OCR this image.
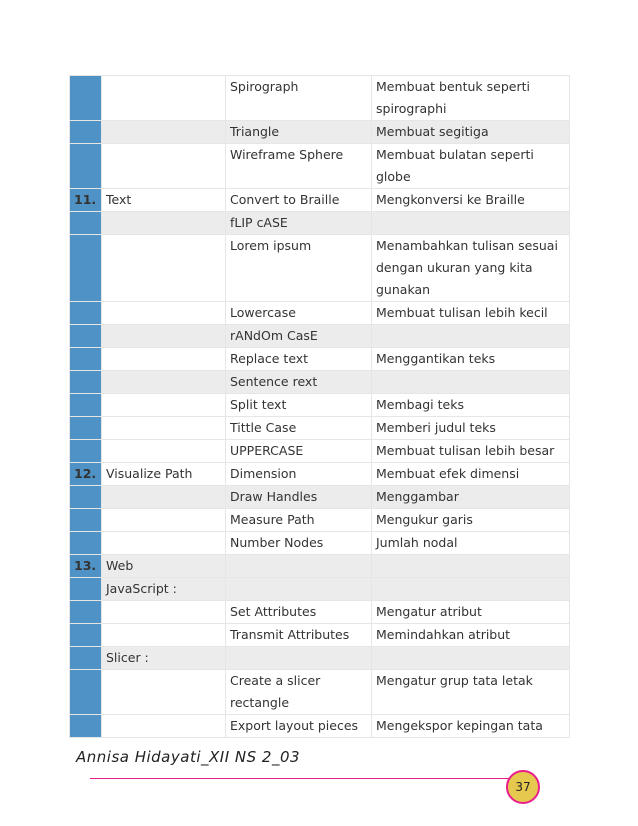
		Spirograph	Membuat bentuk seperti spirographi
		Triangle	Membuat segitiga
		Wireframe Sphere	Membuat bulatan seperti globe
11.	Text	Convert to Braille	Mengkonversi ke Braille
		fLIP cASE	
		Lorem ipsum	Menambahkan tulisan sesuai dengan ukuran yang kita gunakan
		Lowercase	Membuat tulisan lebih kecil
		rANdOm CasE	
		Replace text	Menggantikan teks
		Sentence rext	
		Split text	Membagi teks
		Tittle Case	Memberi judul teks
		UPPERCASE	Membuat tulisan lebih besar
12.	Visualize Path	Dimension	Membuat efek dimensi
		Draw Handles	Menggambar
		Measure Path	Mengukur garis
		Number Nodes	Jumlah nodal
13.	Web		
	JavaScript :		
		Set Attributes	Mengatur atribut
		Transmit Attributes	Memindahkan atribut
	Slicer :		
		Create a slicer rectangle	Mengatur grup tata letak
		Export layout pieces	Mengekspor kepingan tata
Annisa Hidayati_XII NS 2_03
37
